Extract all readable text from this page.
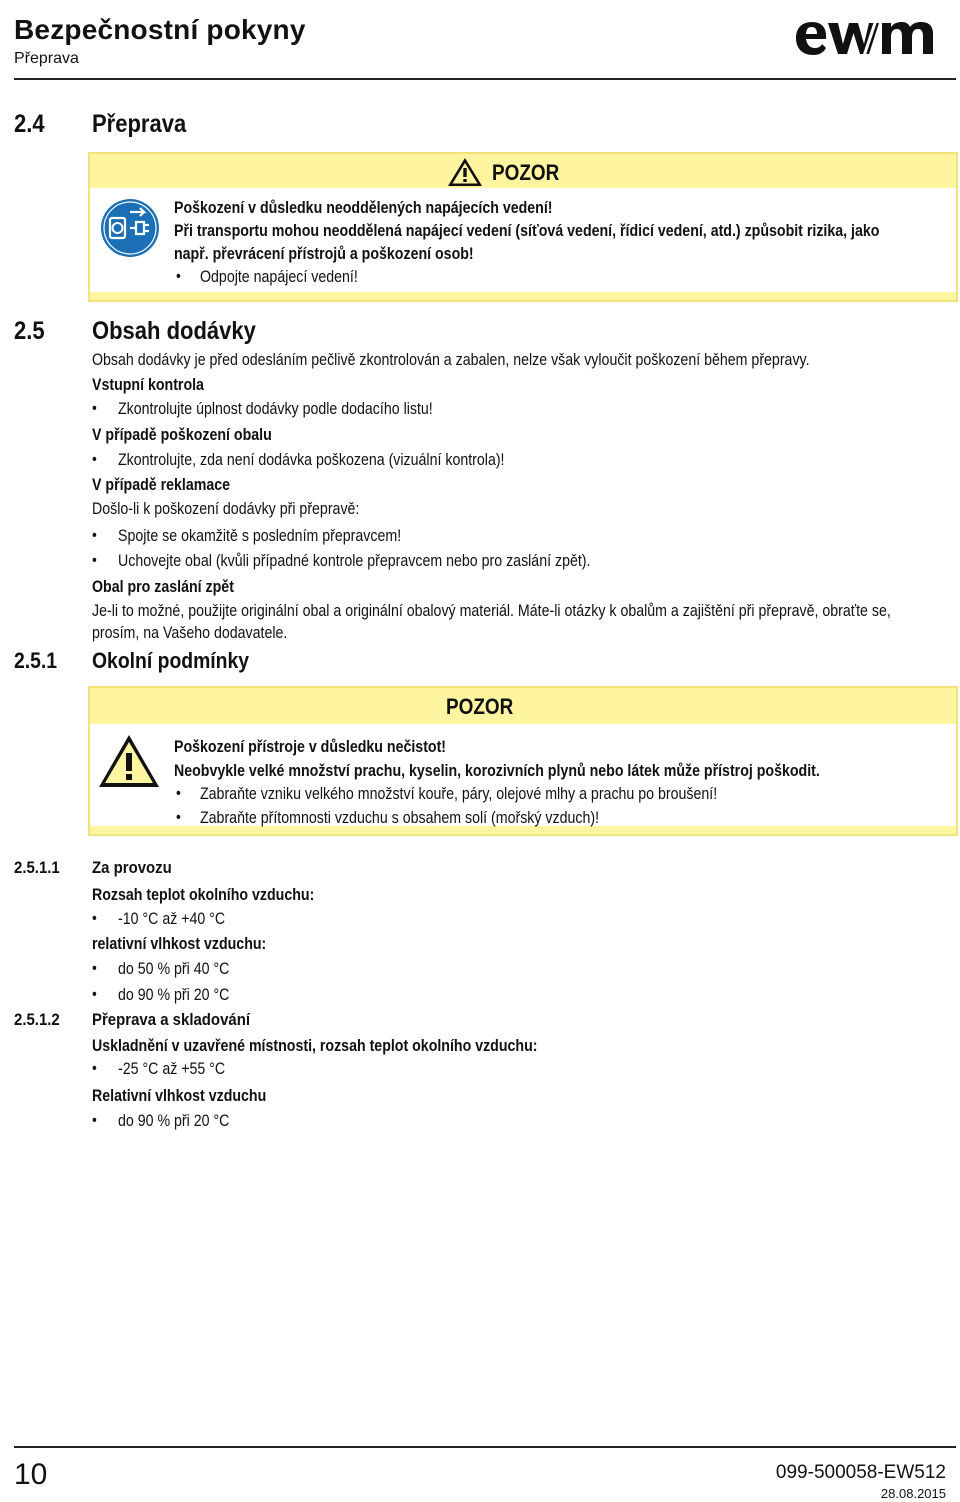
Bezpečnostní pokyny
Přeprava
2.4 Přeprava
POZOR
Poškození v důsledku neoddělených napájecích vedení!
Při transportu mohou neoddělená napájecí vedení (síťová vedení, řídicí vedení, atd.) způsobit rizika, jako
např. převrácení přístrojů a poškození osob!
• Odpojte napájecí vedení!
2.5 Obsah dodávky
Obsah dodávky je před odesláním pečlivě zkontrolován a zabalen, nelze však vyloučit poškození během přepravy.
Vstupní kontrola
• Zkontrolujte úplnost dodávky podle dodacího listu!
V případě poškození obalu
• Zkontrolujte, zda není dodávka poškozena (vizuální kontrola)!
V případě reklamace
Došlo-li k poškození dodávky při přepravě:
• Spojte se okamžitě s posledním přepravcem!
• Uchovejte obal (kvůli případné kontrole přepravcem nebo pro zaslání zpět).
Obal pro zaslání zpět
Je-li to možné, použijte originální obal a originální obalový materiál. Máte-li otázky k obalům a zajištění při přepravě, obraťte se,
prosím, na Vašeho dodavatele.
2.5.1 Okolní podmínky
POZOR
Poškození přístroje v důsledku nečistot!
Neobvykle velké množství prachu, kyselin, korozivních plynů nebo látek může přístroj poškodit.
• Zabraňte vzniku velkého množství kouře, páry, olejové mlhy a prachu po broušení!
• Zabraňte přítomnosti vzduchu s obsahem solí (mořský vzduch)!
2.5.1.1 Za provozu
Rozsah teplot okolního vzduchu:
• -10 °C až +40 °C
relativní vlhkost vzduchu:
• do 50 % při 40 °C
• do 90 % při 20 °C
2.5.1.2 Přeprava a skladování
Uskladnění v uzavřené místnosti, rozsah teplot okolního vzduchu:
• -25 °C až +55 °C
Relativní vlhkost vzduchu
• do 90 % při 20 °C
10	099-500058-EW512
28.08.2015
